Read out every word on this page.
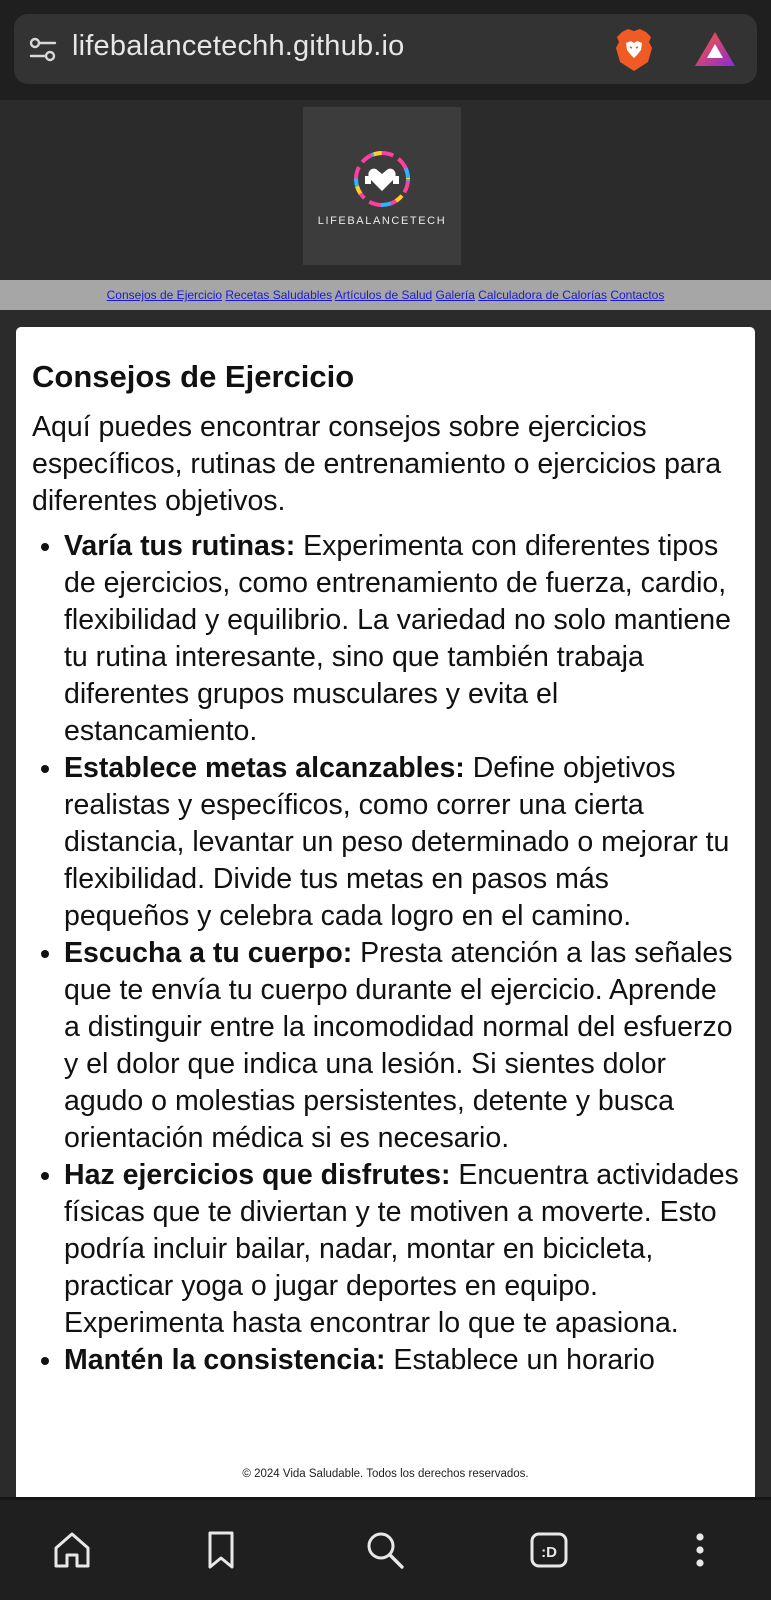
lifebalancetechh.github.io
LIFEBALANCETECH
Consejos de Ejercicio Recetas Saludables Artículos de Salud Galería Calculadora de Calorías Contactos
Consejos de Ejercicio

Aquí puedes encontrar consejos sobre ejercicios específicos, rutinas de entrenamiento o ejercicios para diferentes objetivos.

• Varía tus rutinas: Experimenta con diferentes tipos de ejercicios, como entrenamiento de fuerza, cardio, flexibilidad y equilibrio. La variedad no solo mantiene tu rutina interesante, sino que también trabaja diferentes grupos musculares y evita el estancamiento.
• Establece metas alcanzables: Define objetivos realistas y específicos, como correr una cierta distancia, levantar un peso determinado o mejorar tu flexibilidad. Divide tus metas en pasos más pequeños y celebra cada logro en el camino.
• Escucha a tu cuerpo: Presta atención a las señales que te envía tu cuerpo durante el ejercicio. Aprende a distinguir entre la incomodidad normal del esfuerzo y el dolor que indica una lesión. Si sientes dolor agudo o molestias persistentes, detente y busca orientación médica si es necesario.
• Haz ejercicios que disfrutes: Encuentra actividades físicas que te diviertan y te motiven a moverte. Esto podría incluir bailar, nadar, montar en bicicleta, practicar yoga o jugar deportes en equipo. Experimenta hasta encontrar lo que te apasiona.
• Mantén la consistencia: Establece un horario
© 2024 Vida Saludable. Todos los derechos reservados.
:D
